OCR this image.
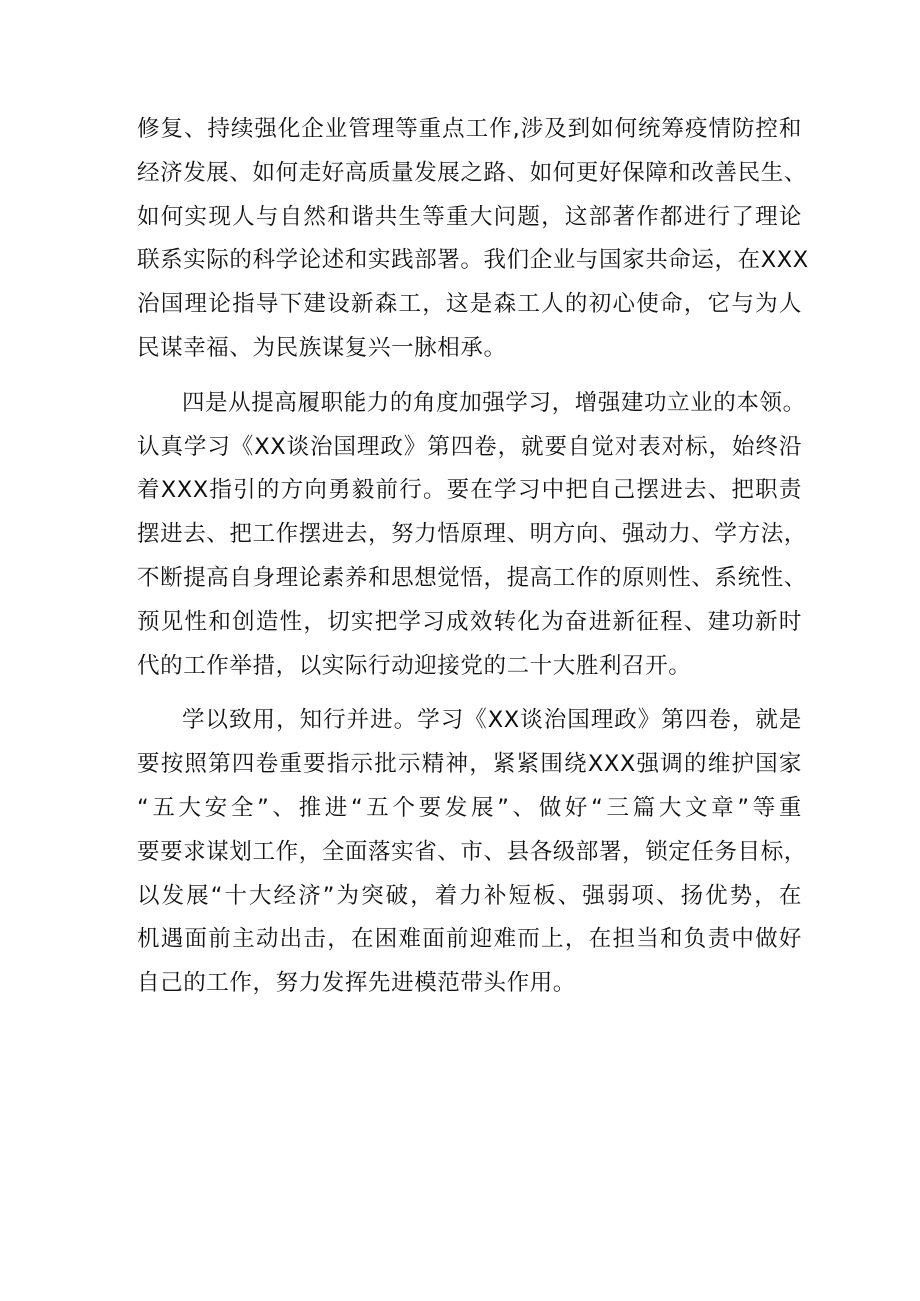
修复、持续强化企业管理等重点工作,涉及到如何统筹疫情防控和
经济发展、如何走好高质量发展之路、如何更好保障和改善民生、
如何实现人与自然和谐共生等重大问题，这部著作都进行了理论
联系实际的科学论述和实践部署。我们企业与国家共命运，在XXX
治国理论指导下建设新森工，这是森工人的初心使命，它与为人
民谋幸福、为民族谋复兴一脉相承。

四是从提高履职能力的角度加强学习，增强建功立业的本领。
认真学习《XX谈治国理政》第四卷，就要自觉对表对标，始终沿
着XXX指引的方向勇毅前行。要在学习中把自己摆进去、把职责
摆进去、把工作摆进去，努力悟原理、明方向、强动力、学方法，
不断提高自身理论素养和思想觉悟，提高工作的原则性、系统性、
预见性和创造性，切实把学习成效转化为奋进新征程、建功新时
代的工作举措，以实际行动迎接党的二十大胜利召开。

学以致用，知行并进。学习《XX谈治国理政》第四卷，就是
要按照第四卷重要指示批示精神，紧紧围绕XXX强调的维护国家
“五大安全”、推进“五个要发展”、做好“三篇大文章”等重
要要求谋划工作，全面落实省、市、县各级部署，锁定任务目标，
以发展“十大经济”为突破，着力补短板、强弱项、扬优势，在
机遇面前主动出击，在困难面前迎难而上，在担当和负责中做好
自己的工作，努力发挥先进模范带头作用。
